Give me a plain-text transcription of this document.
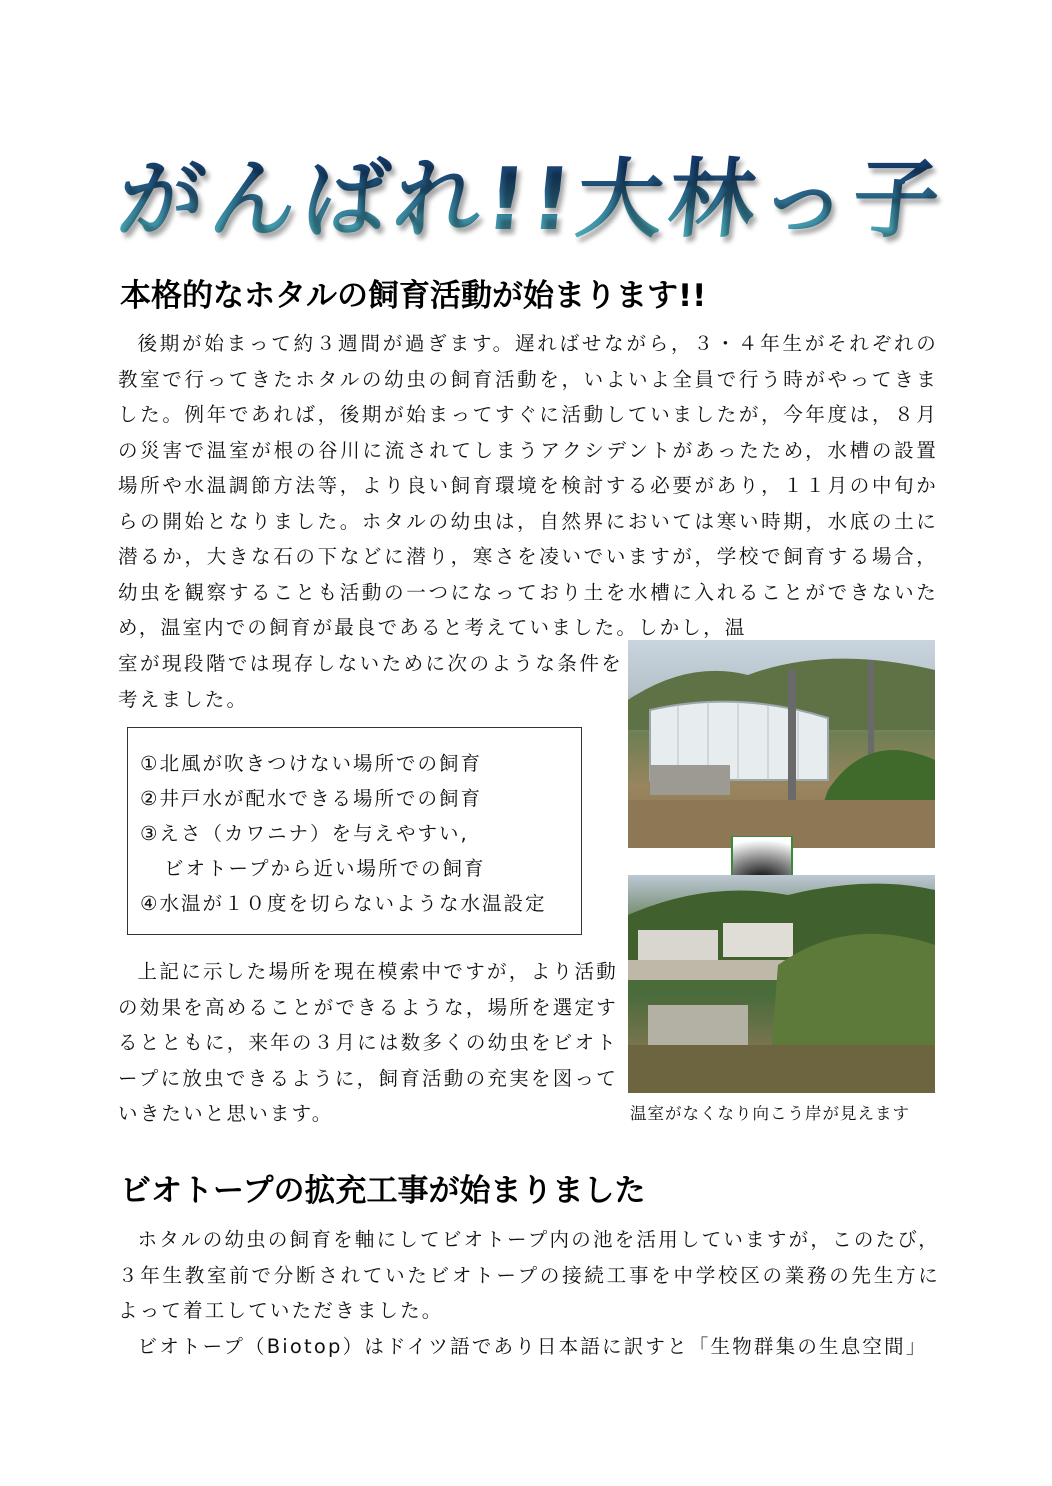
がんばれ!!大林っ子
本格的なホタルの飼育活動が始まります!!

後期が始まって約３週間が過ぎます。遅ればせながら，３・４年生がそれぞれの教室で行ってきたホタルの幼虫の飼育活動を，いよいよ全員で行う時がやってきました。例年であれば，後期が始まってすぐに活動していましたが，今年度は，８月の災害で温室が根の谷川に流されてしまうアクシデントがあったため，水槽の設置場所や水温調節方法等，より良い飼育環境を検討する必要があり，１１月の中旬からの開始となりました。ホタルの幼虫は，自然界においては寒い時期，水底の土に潜るか，大きな石の下などに潜り，寒さを凌いでいますが，学校で飼育する場合，幼虫を観察することも活動の一つになっており土を水槽に入れることができないため，温室内での飼育が最良であると考えていました。しかし，温

室が現段階では現存しないために次のような条件を考えました。

①北風が吹きつけない場所での飼育
②井戸水が配水できる場所での飼育
③えさ（カワニナ）を与えやすい,
ビオトープから近い場所での飼育
④水温が１０度を切らないような水温設定
温室がなくなり向こう岸が見えます

上記に示した場所を現在模索中ですが，より活動の効果を高めることができるような，場所を選定するとともに，来年の３月には数多くの幼虫をビオトープに放虫できるように，飼育活動の充実を図っていきたいと思います。

ビオトープの拡充工事が始まりました

ホタルの幼虫の飼育を軸にしてビオトープ内の池を活用していますが，このたび，３年生教室前で分断されていたビオトープの接続工事を中学校区の業務の先生方によって着工していただきました。

ビオトープ（Biotop）はドイツ語であり日本語に訳すと「生物群集の生息空間」
